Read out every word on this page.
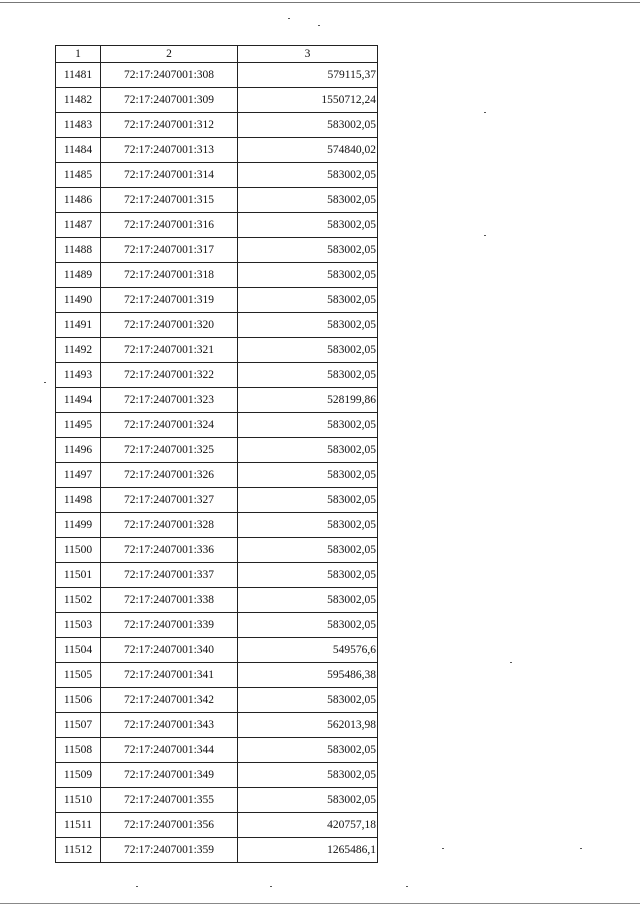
1	2	3
11481	72:17:2407001:308	579115,37
11482	72:17:2407001:309	1550712,24
11483	72:17:2407001:312	583002,05
11484	72:17:2407001:313	574840,02
11485	72:17:2407001:314	583002,05
11486	72:17:2407001:315	583002,05
11487	72:17:2407001:316	583002,05
11488	72:17:2407001:317	583002,05
11489	72:17:2407001:318	583002,05
11490	72:17:2407001:319	583002,05
11491	72:17:2407001:320	583002,05
11492	72:17:2407001:321	583002,05
11493	72:17:2407001:322	583002,05
11494	72:17:2407001:323	528199,86
11495	72:17:2407001:324	583002,05
11496	72:17:2407001:325	583002,05
11497	72:17:2407001:326	583002,05
11498	72:17:2407001:327	583002,05
11499	72:17:2407001:328	583002,05
11500	72:17:2407001:336	583002,05
11501	72:17:2407001:337	583002,05
11502	72:17:2407001:338	583002,05
11503	72:17:2407001:339	583002,05
11504	72:17:2407001:340	549576,6
11505	72:17:2407001:341	595486,38
11506	72:17:2407001:342	583002,05
11507	72:17:2407001:343	562013,98
11508	72:17:2407001:344	583002,05
11509	72:17:2407001:349	583002,05
11510	72:17:2407001:355	583002,05
11511	72:17:2407001:356	420757,18
11512	72:17:2407001:359	1265486,1
